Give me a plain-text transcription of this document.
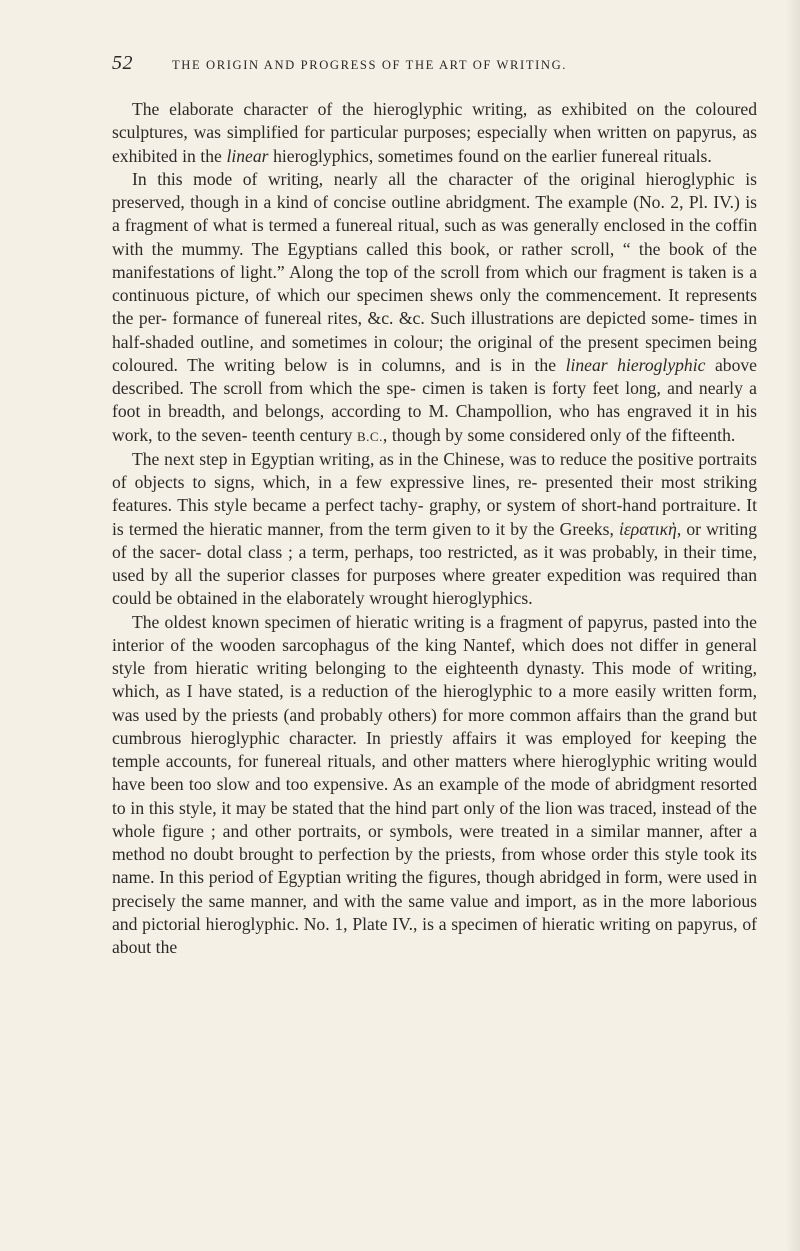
52	THE ORIGIN AND PROGRESS OF THE ART OF WRITING.

The elaborate character of the hieroglyphic writing, as exhibited on the coloured sculptures, was simplified for particular purposes; especially when written on papyrus, as exhibited in the linear hieroglyphics, sometimes found on the earlier funereal rituals.

In this mode of writing, nearly all the character of the original hieroglyphic is preserved, though in a kind of concise outline abridgment. The example (No. 2, Pl. IV.) is a fragment of what is termed a funereal ritual, such as was generally enclosed in the coffin with the mummy. The Egyptians called this book, or rather scroll, “ the book of the manifestations of light.” Along the top of the scroll from which our fragment is taken is a continuous picture, of which our specimen shews only the commencement. It represents the per- formance of funereal rites, &c. &c. Such illustrations are depicted some- times in half-shaded outline, and sometimes in colour; the original of the present specimen being coloured. The writing below is in columns, and is in the linear hieroglyphic above described. The scroll from which the spe- cimen is taken is forty feet long, and nearly a foot in breadth, and belongs, according to M. Champollion, who has engraved it in his work, to the seven- teenth century B.C., though by some considered only of the fifteenth.

The next step in Egyptian writing, as in the Chinese, was to reduce the positive portraits of objects to signs, which, in a few expressive lines, re- presented their most striking features. This style became a perfect tachy- graphy, or system of short-hand portraiture. It is termed the hieratic manner, from the term given to it by the Greeks, ἱερατικὴ, or writing of the sacer- dotal class ; a term, perhaps, too restricted, as it was probably, in their time, used by all the superior classes for purposes where greater expedition was required than could be obtained in the elaborately wrought hieroglyphics.

The oldest known specimen of hieratic writing is a fragment of papyrus, pasted into the interior of the wooden sarcophagus of the king Nantef, which does not differ in general style from hieratic writing belonging to the eighteenth dynasty. This mode of writing, which, as I have stated, is a reduction of the hieroglyphic to a more easily written form, was used by the priests (and probably others) for more common affairs than the grand but cumbrous hieroglyphic character. In priestly affairs it was employed for keeping the temple accounts, for funereal rituals, and other matters where hieroglyphic writing would have been too slow and too expensive. As an example of the mode of abridgment resorted to in this style, it may be stated that the hind part only of the lion was traced, instead of the whole figure ; and other portraits, or symbols, were treated in a similar manner, after a method no doubt brought to perfection by the priests, from whose order this style took its name. In this period of Egyptian writing the figures, though abridged in form, were used in precisely the same manner, and with the same value and import, as in the more laborious and pictorial hieroglyphic. No. 1, Plate IV., is a specimen of hieratic writing on papyrus, of about the
